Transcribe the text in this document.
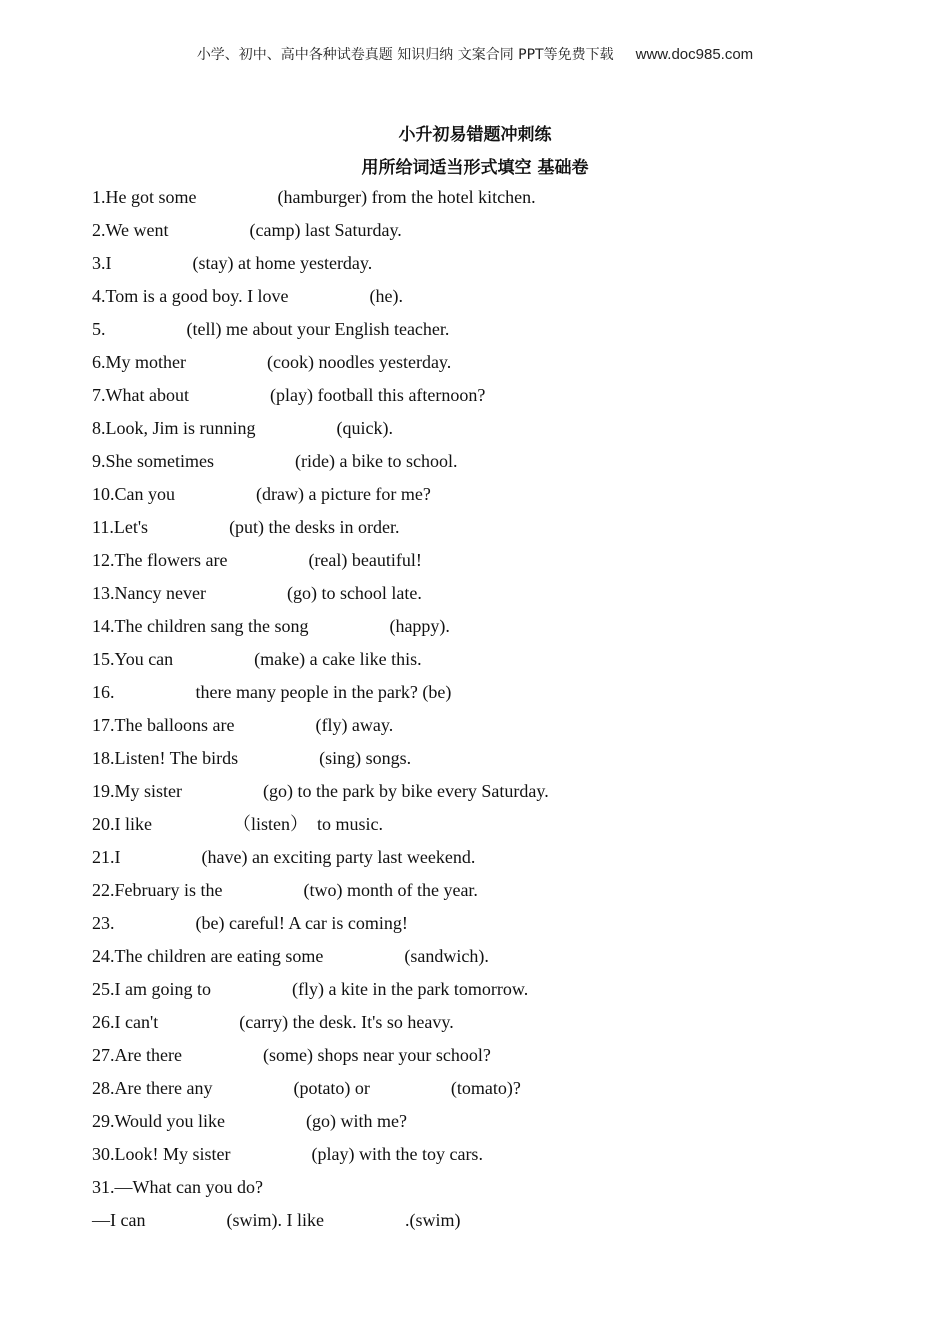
小学、初中、高中各种试卷真题 知识归纳 文案合同 PPT等免费下载 www.doc985.com
小升初易错题冲刺练
用所给词适当形式填空 基础卷
1.He got some                  (hamburger) from the hotel kitchen.
2.We went                  (camp) last Saturday.
3.I                  (stay) at home yesterday.
4.Tom is a good boy. I love                  (he).
5.                  (tell) me about your English teacher.
6.My mother                  (cook) noodles yesterday.
7.What about                  (play) football this afternoon?
8.Look, Jim is running                  (quick).
9.She sometimes                  (ride) a bike to school.
10.Can you                  (draw) a picture for me?
11.Let's                  (put) the desks in order.
12.The flowers are                  (real) beautiful!
13.Nancy never                  (go) to school late.
14.The children sang the song                  (happy).
15.You can                  (make) a cake like this.
16.                  there many people in the park? (be)
17.The balloons are                  (fly) away.
18.Listen! The birds                  (sing) songs.
19.My sister                  (go) to the park by bike every Saturday.
20.I like                  （listen）  to music.
21.I                  (have) an exciting party last weekend.
22.February is the                  (two) month of the year.
23.                  (be) careful! A car is coming!
24.The children are eating some                  (sandwich).
25.I am going to                  (fly) a kite in the park tomorrow.
26.I can't                  (carry) the desk. It's so heavy.
27.Are there                  (some) shops near your school?
28.Are there any                  (potato) or                  (tomato)?
29.Would you like                  (go) with me?
30.Look! My sister                  (play) with the toy cars.
31.—What can you do?
—I can                  (swim). I like                  .(swim)
